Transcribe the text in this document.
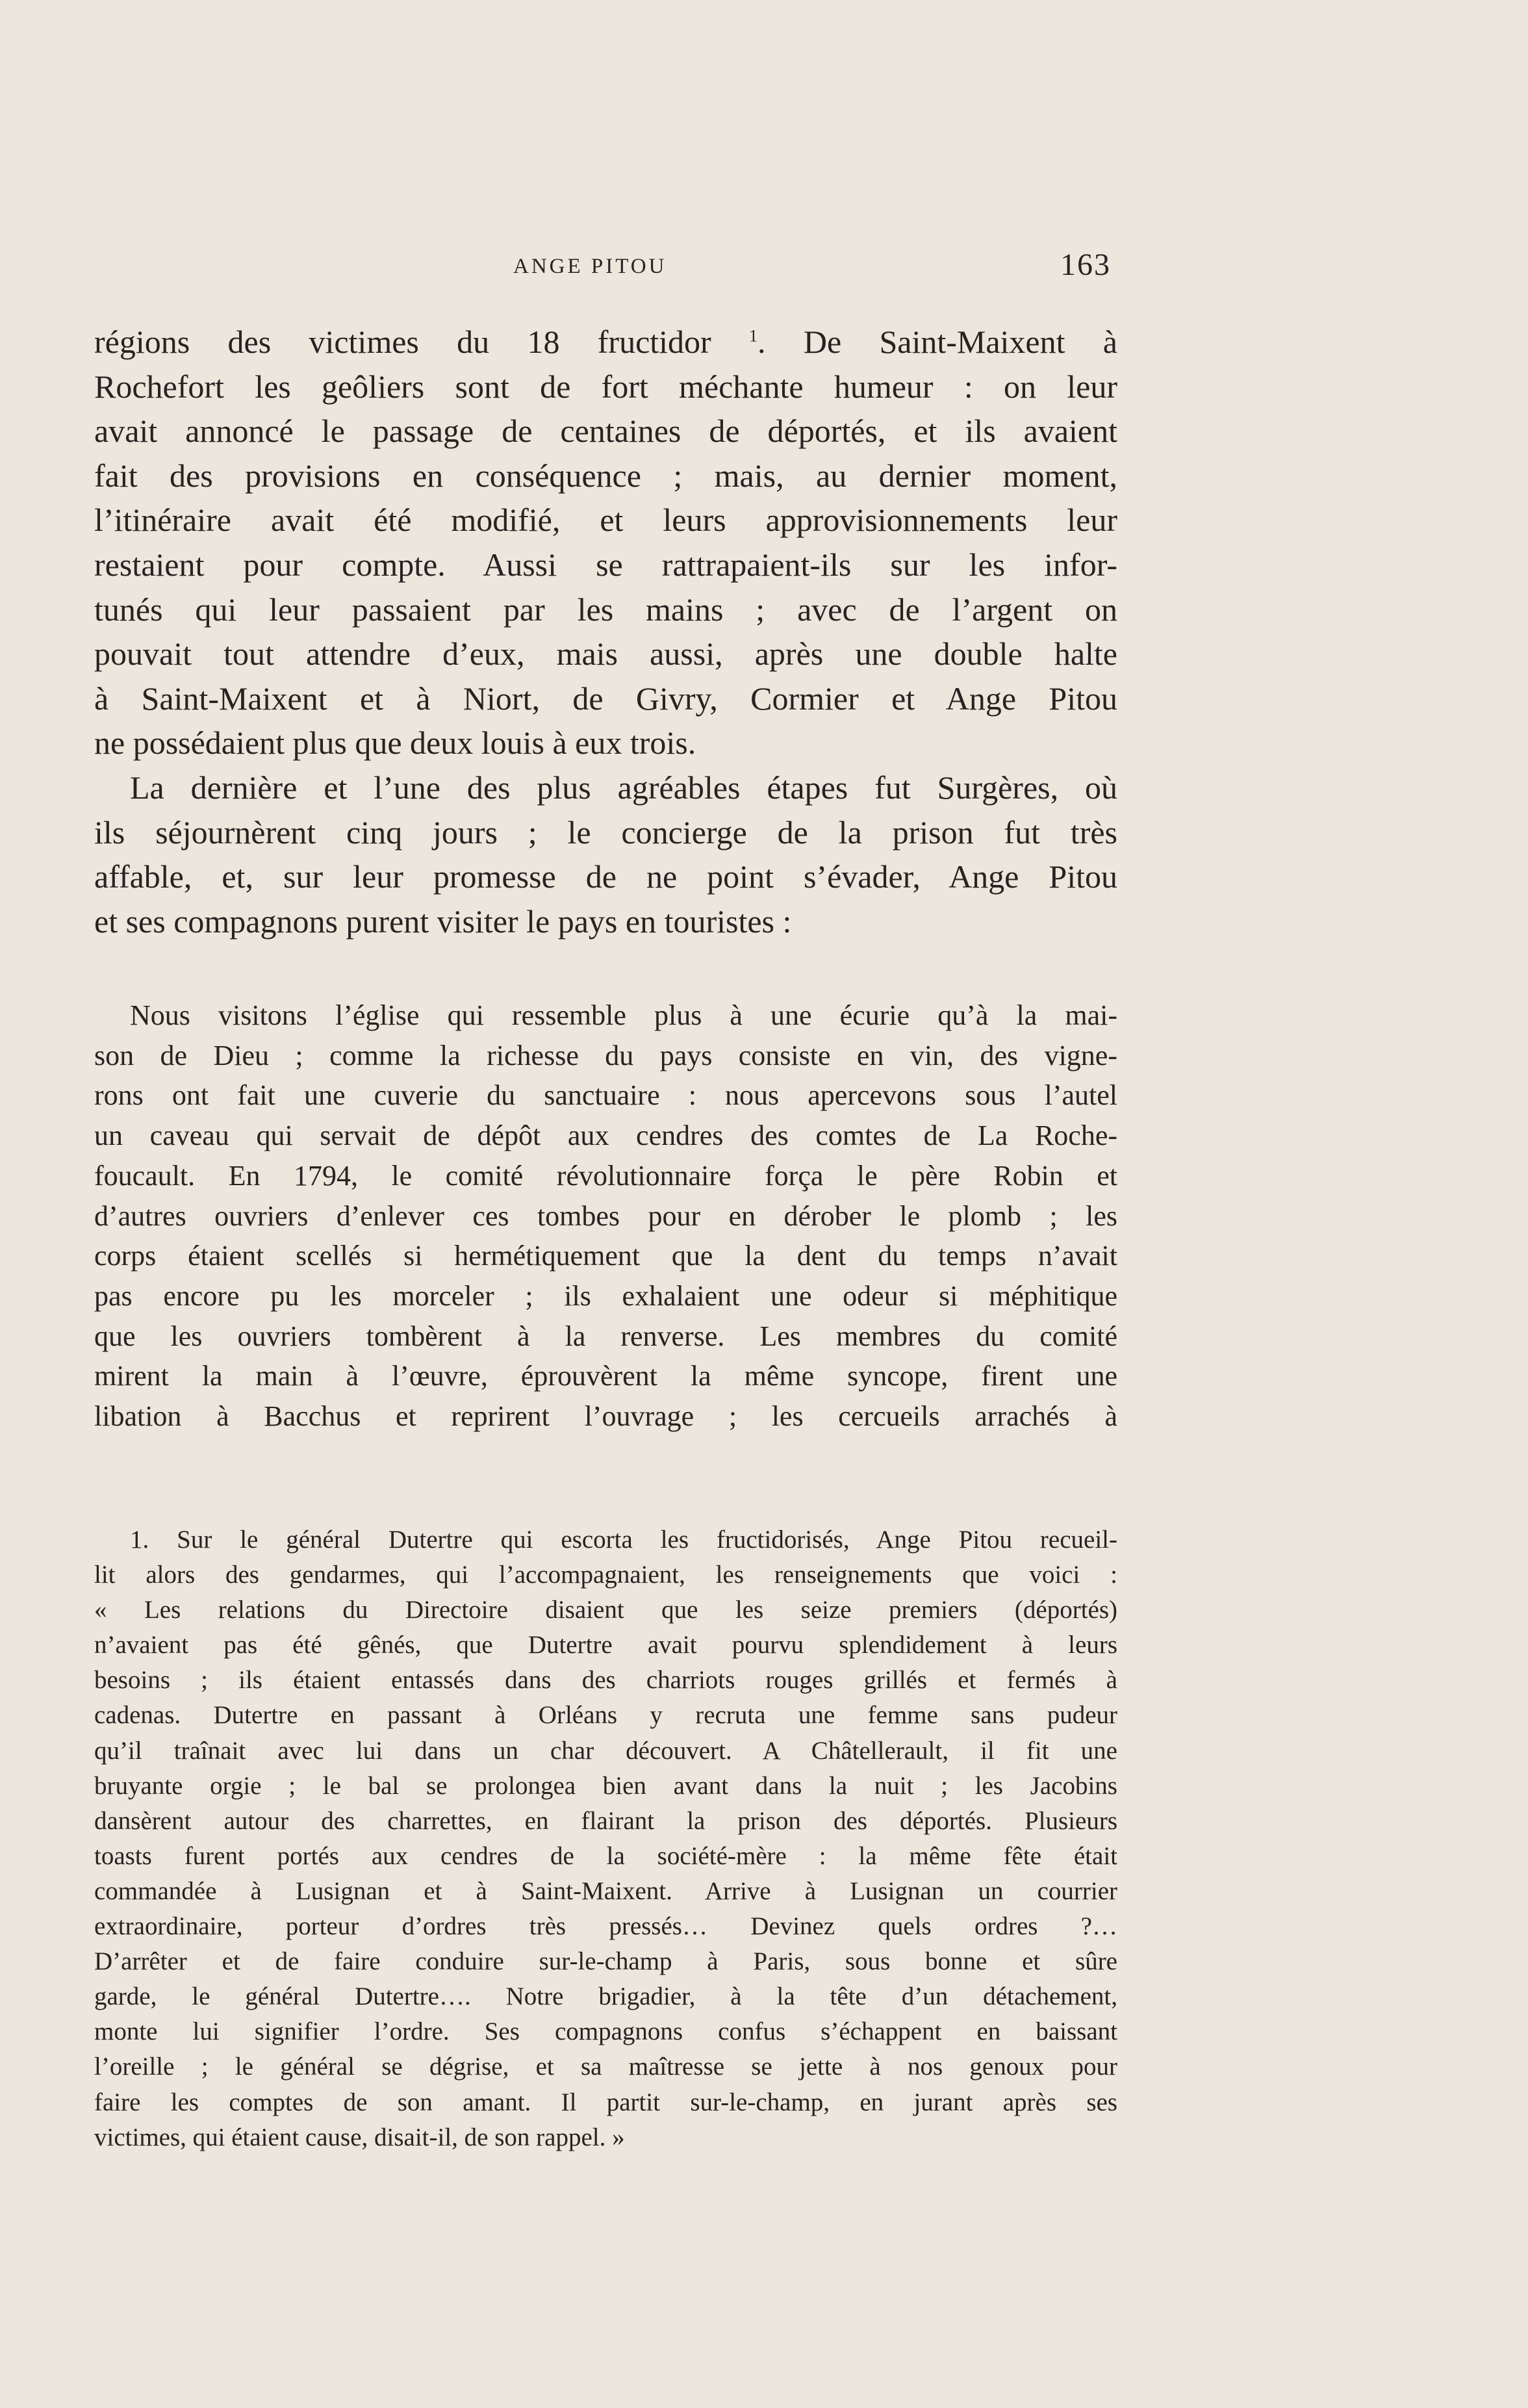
ANGE PITOU	163
régions des victimes du 18 fructidor $^1$. De Saint-Maixent à
Rochefort les geôliers sont de fort méchante humeur : on leur
avait annoncé le passage de centaines de déportés, et ils avaient
fait des provisions en conséquence ; mais, au dernier moment,
l’itinéraire avait été modifié, et leurs approvisionnements leur
restaient pour compte. Aussi se rattrapaient-ils sur les infor-
tunés qui leur passaient par les mains ; avec de l’argent on
pouvait tout attendre d’eux, mais aussi, après une double halte
à Saint-Maixent et à Niort, de Givry, Cormier et Ange Pitou
ne possédaient plus que deux louis à eux trois.
La dernière et l’une des plus agréables étapes fut Surgères, où
ils séjournèrent cinq jours ; le concierge de la prison fut très
affable, et, sur leur promesse de ne point s’évader, Ange Pitou
et ses compagnons purent visiter le pays en touristes :
Nous visitons l’église qui ressemble plus à une écurie qu’à la mai-
son de Dieu ; comme la richesse du pays consiste en vin, des vigne-
rons ont fait une cuverie du sanctuaire : nous apercevons sous l’autel
un caveau qui servait de dépôt aux cendres des comtes de La Roche-
foucault. En 1794, le comité révolutionnaire força le père Robin et
d’autres ouvriers d’enlever ces tombes pour en dérober le plomb ; les
corps étaient scellés si hermétiquement que la dent du temps n’avait
pas encore pu les morceler ; ils exhalaient une odeur si méphitique
que les ouvriers tombèrent à la renverse. Les membres du comité
mirent la main à l’œuvre, éprouvèrent la même syncope, firent une
libation à Bacchus et reprirent l’ouvrage ; les cercueils arrachés à
1. Sur le général Dutertre qui escorta les fructidorisés, Ange Pitou recueil-
lit alors des gendarmes, qui l’accompagnaient, les renseignements que voici :
« Les relations du Directoire disaient que les seize premiers (déportés)
n’avaient pas été gênés, que Dutertre avait pourvu splendidement à leurs
besoins ; ils étaient entassés dans des charriots rouges grillés et fermés à
cadenas. Dutertre en passant à Orléans y recruta une femme sans pudeur
qu’il traînait avec lui dans un char découvert. A Châtellerault, il fit une
bruyante orgie ; le bal se prolongea bien avant dans la nuit ; les Jacobins
dansèrent autour des charrettes, en flairant la prison des déportés. Plusieurs
toasts furent portés aux cendres de la société-mère : la même fête était
commandée à Lusignan et à Saint-Maixent. Arrive à Lusignan un courrier
extraordinaire, porteur d’ordres très pressés… Devinez quels ordres ?…
D’arrêter et de faire conduire sur-le-champ à Paris, sous bonne et sûre
garde, le général Dutertre…. Notre brigadier, à la tête d’un détachement,
monte lui signifier l’ordre. Ses compagnons confus s’échappent en baissant
l’oreille ; le général se dégrise, et sa maîtresse se jette à nos genoux pour
faire les comptes de son amant. Il partit sur-le-champ, en jurant après ses
victimes, qui étaient cause, disait-il, de son rappel. »
